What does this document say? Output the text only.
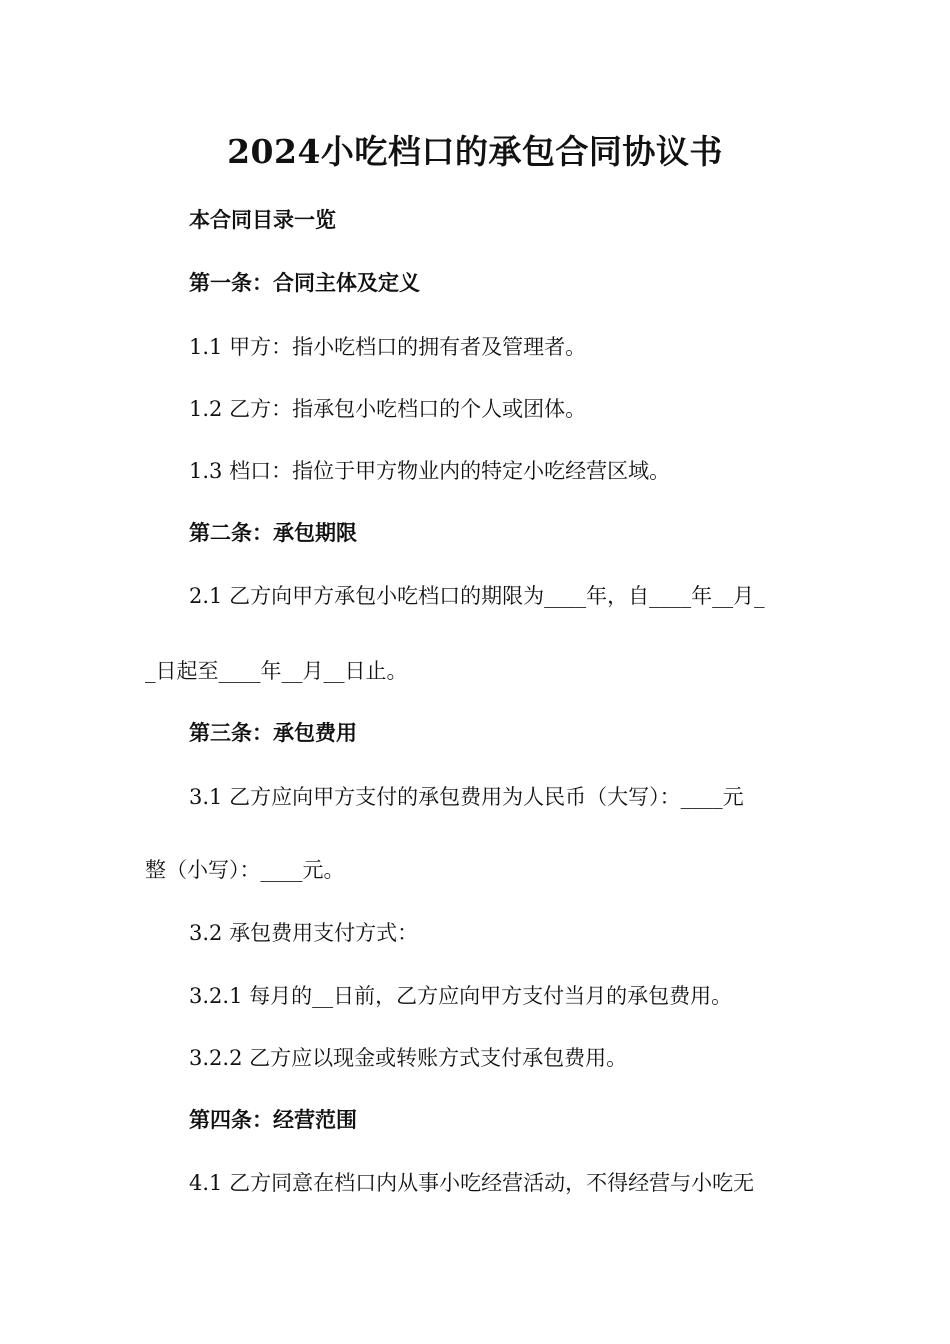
2024小吃档口的承包合同协议书
本合同目录一览
第一条：合同主体及定义
1.1 甲方：指小吃档口的拥有者及管理者。
1.2 乙方：指承包小吃档口的个人或团体。
1.3 档口：指位于甲方物业内的特定小吃经营区域。
第二条：承包期限
2.1 乙方向甲方承包小吃档口的期限为____年，自____年__月_
_日起至____年__月__日止。
第三条：承包费用
3.1 乙方应向甲方支付的承包费用为人民币（大写）：____元
整（小写）：____元。
3.2 承包费用支付方式：
3.2.1 每月的__日前，乙方应向甲方支付当月的承包费用。
3.2.2 乙方应以现金或转账方式支付承包费用。
第四条：经营范围
4.1 乙方同意在档口内从事小吃经营活动，不得经营与小吃无
